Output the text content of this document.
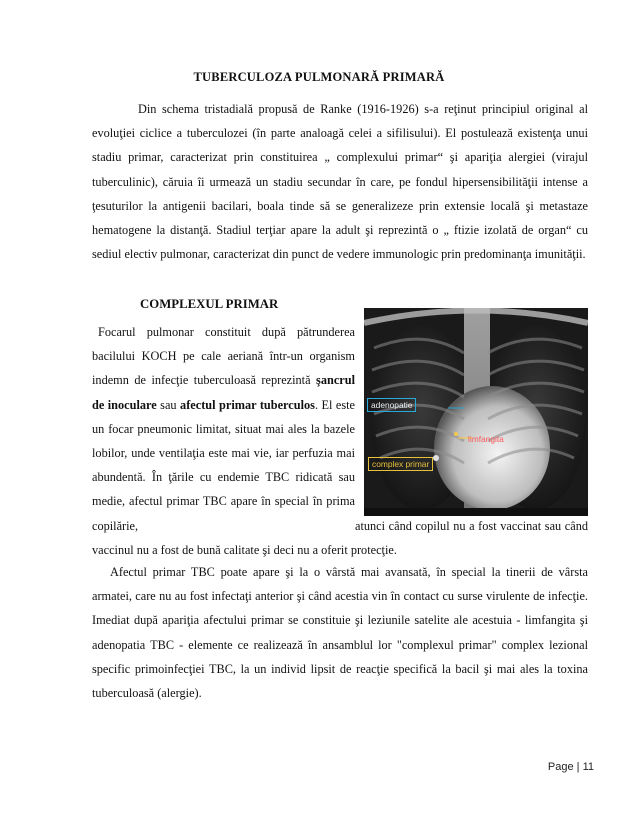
TUBERCULOZA PULMONARĂ PRIMARĂ

Din schema tristadială propusă de Ranke (1916-1926) s-a reţinut principiul original al evoluţiei ciclice a tuberculozei (în parte analoagă celei a sifilisului). El postulează existenţa unui stadiu primar, caracterizat prin constituirea „ complexului primar“ şi apariţia alergiei (virajul tuberculinic), căruia îi urmează un stadiu secundar în care, pe fondul hipersensibilităţii intense a ţesuturilor la antigenii bacilari, boala tinde să se generalizeze prin extensie locală şi metastaze hematogene la distanţă. Stadiul terţiar apare la adult şi reprezintă o „ ftizie izolată de organ“ cu sediul electiv pulmonar, caracterizat din punct de vedere immunologic prin predominanţa imunităţii.

COMPLEXUL PRIMAR
Focarul pulmonar constituit după pătrunderea bacilului KOCH pe cale aeriană într-un organism indemn de infecţie tuberculoasă reprezintă şancrul de inoculare sau afectul primar tuberculos. El este un focar pneumonic limitat, situat mai ales la bazele lobilor, unde ventilaţia este mai vie, iar perfuzia mai abundentă. În ţările cu endemie TBC ridicată sau medie, afectul primar TBC apare în special în prima copilărie,	atunci când copilul nu a fost vaccinat sau când vaccinul nu a fost de bună calitate şi deci nu a oferit protecţie.
adenopatie
limfangita
complex primar

Afectul primar TBC poate apare şi la o vârstă mai avansată, în special la tinerii de vârsta armatei, care nu au fost infectaţi anterior şi când acestia vin în contact cu surse virulente de infecţie. Imediat după apariţia afectului primar se constituie şi leziunile satelite ale acestuia - limfangita şi adenopatia TBC - elemente ce realizează în ansamblul lor "complexul primar" complex lezional specific primoinfecţiei TBC, la un individ lipsit de reacţie specifică la bacil şi mai ales la toxina tuberculoasă (alergie).

Page | 11
